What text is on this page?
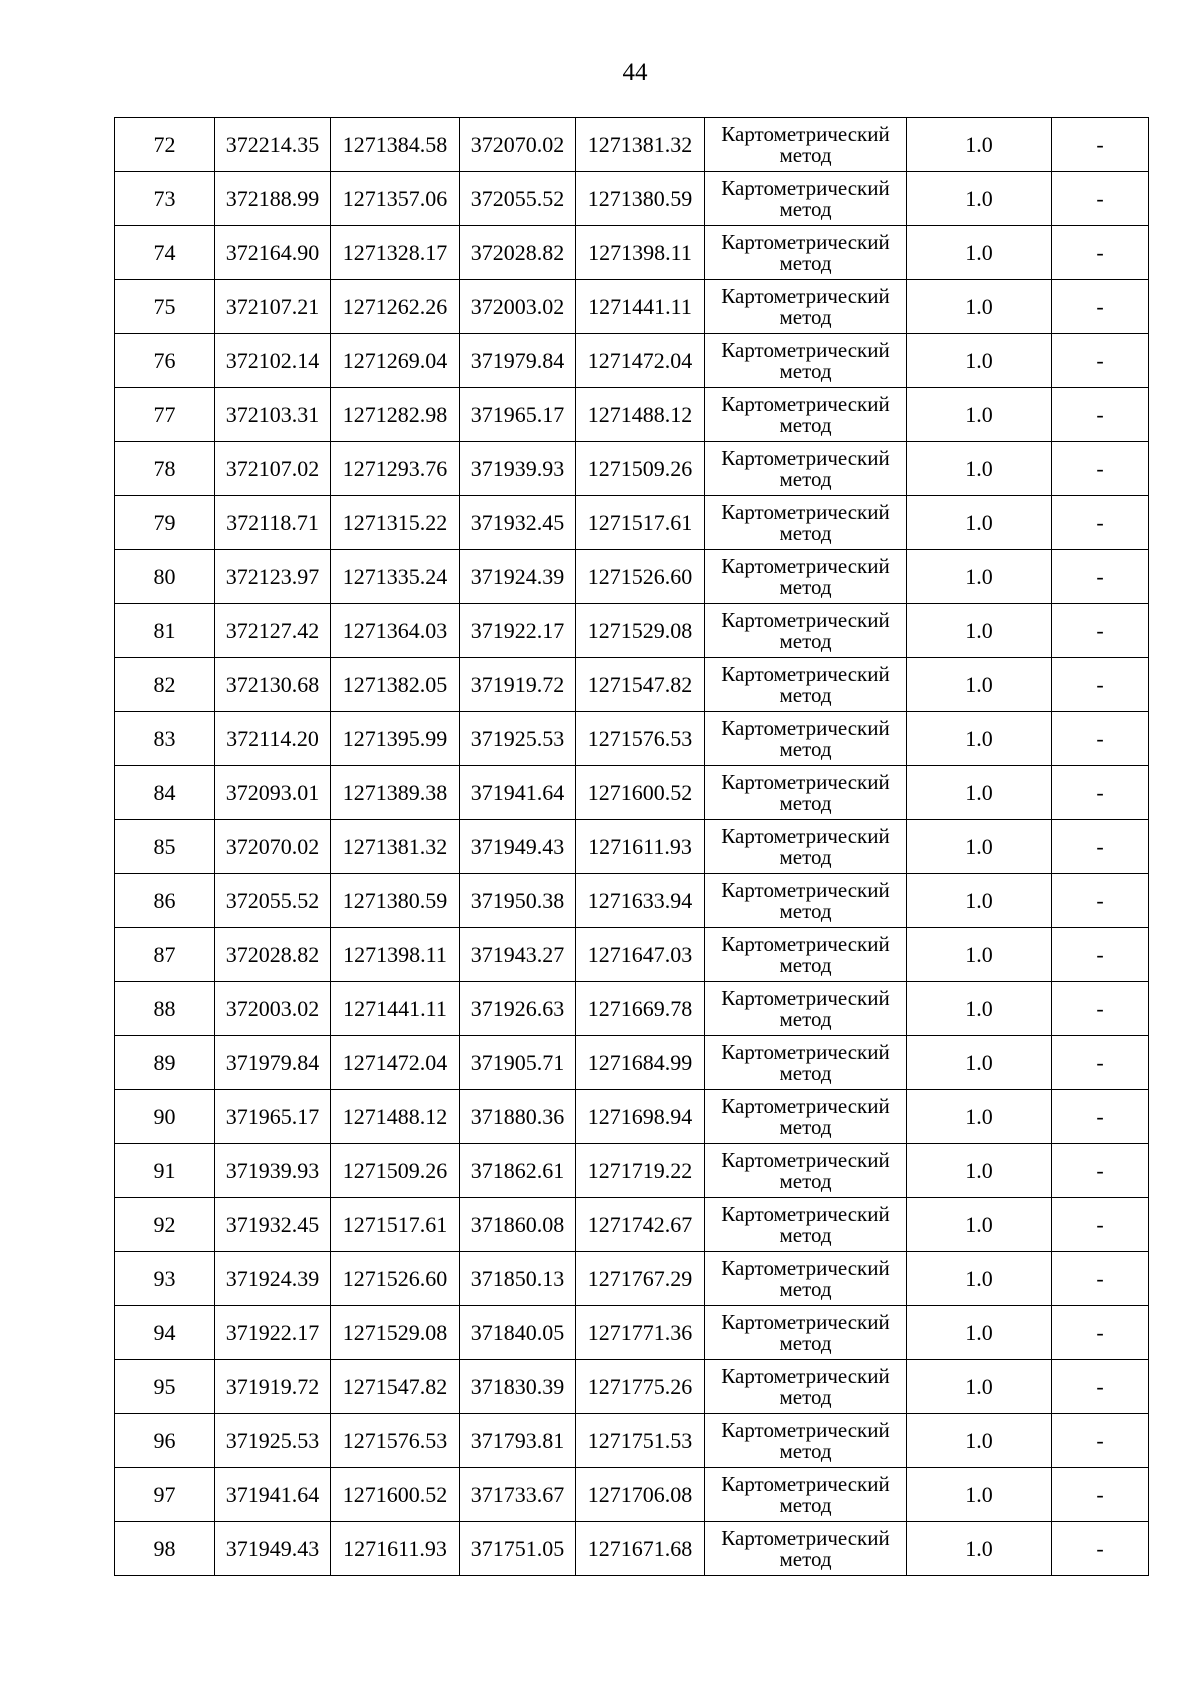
44
72	372214.35	1271384.58	372070.02	1271381.32	Картометрический
метод	1.0	-
73	372188.99	1271357.06	372055.52	1271380.59	Картометрический
метод	1.0	-
74	372164.90	1271328.17	372028.82	1271398.11	Картометрический
метод	1.0	-
75	372107.21	1271262.26	372003.02	1271441.11	Картометрический
метод	1.0	-
76	372102.14	1271269.04	371979.84	1271472.04	Картометрический
метод	1.0	-
77	372103.31	1271282.98	371965.17	1271488.12	Картометрический
метод	1.0	-
78	372107.02	1271293.76	371939.93	1271509.26	Картометрический
метод	1.0	-
79	372118.71	1271315.22	371932.45	1271517.61	Картометрический
метод	1.0	-
80	372123.97	1271335.24	371924.39	1271526.60	Картометрический
метод	1.0	-
81	372127.42	1271364.03	371922.17	1271529.08	Картометрический
метод	1.0	-
82	372130.68	1271382.05	371919.72	1271547.82	Картометрический
метод	1.0	-
83	372114.20	1271395.99	371925.53	1271576.53	Картометрический
метод	1.0	-
84	372093.01	1271389.38	371941.64	1271600.52	Картометрический
метод	1.0	-
85	372070.02	1271381.32	371949.43	1271611.93	Картометрический
метод	1.0	-
86	372055.52	1271380.59	371950.38	1271633.94	Картометрический
метод	1.0	-
87	372028.82	1271398.11	371943.27	1271647.03	Картометрический
метод	1.0	-
88	372003.02	1271441.11	371926.63	1271669.78	Картометрический
метод	1.0	-
89	371979.84	1271472.04	371905.71	1271684.99	Картометрический
метод	1.0	-
90	371965.17	1271488.12	371880.36	1271698.94	Картометрический
метод	1.0	-
91	371939.93	1271509.26	371862.61	1271719.22	Картометрический
метод	1.0	-
92	371932.45	1271517.61	371860.08	1271742.67	Картометрический
метод	1.0	-
93	371924.39	1271526.60	371850.13	1271767.29	Картометрический
метод	1.0	-
94	371922.17	1271529.08	371840.05	1271771.36	Картометрический
метод	1.0	-
95	371919.72	1271547.82	371830.39	1271775.26	Картометрический
метод	1.0	-
96	371925.53	1271576.53	371793.81	1271751.53	Картометрический
метод	1.0	-
97	371941.64	1271600.52	371733.67	1271706.08	Картометрический
метод	1.0	-
98	371949.43	1271611.93	371751.05	1271671.68	Картометрический
метод	1.0	-
